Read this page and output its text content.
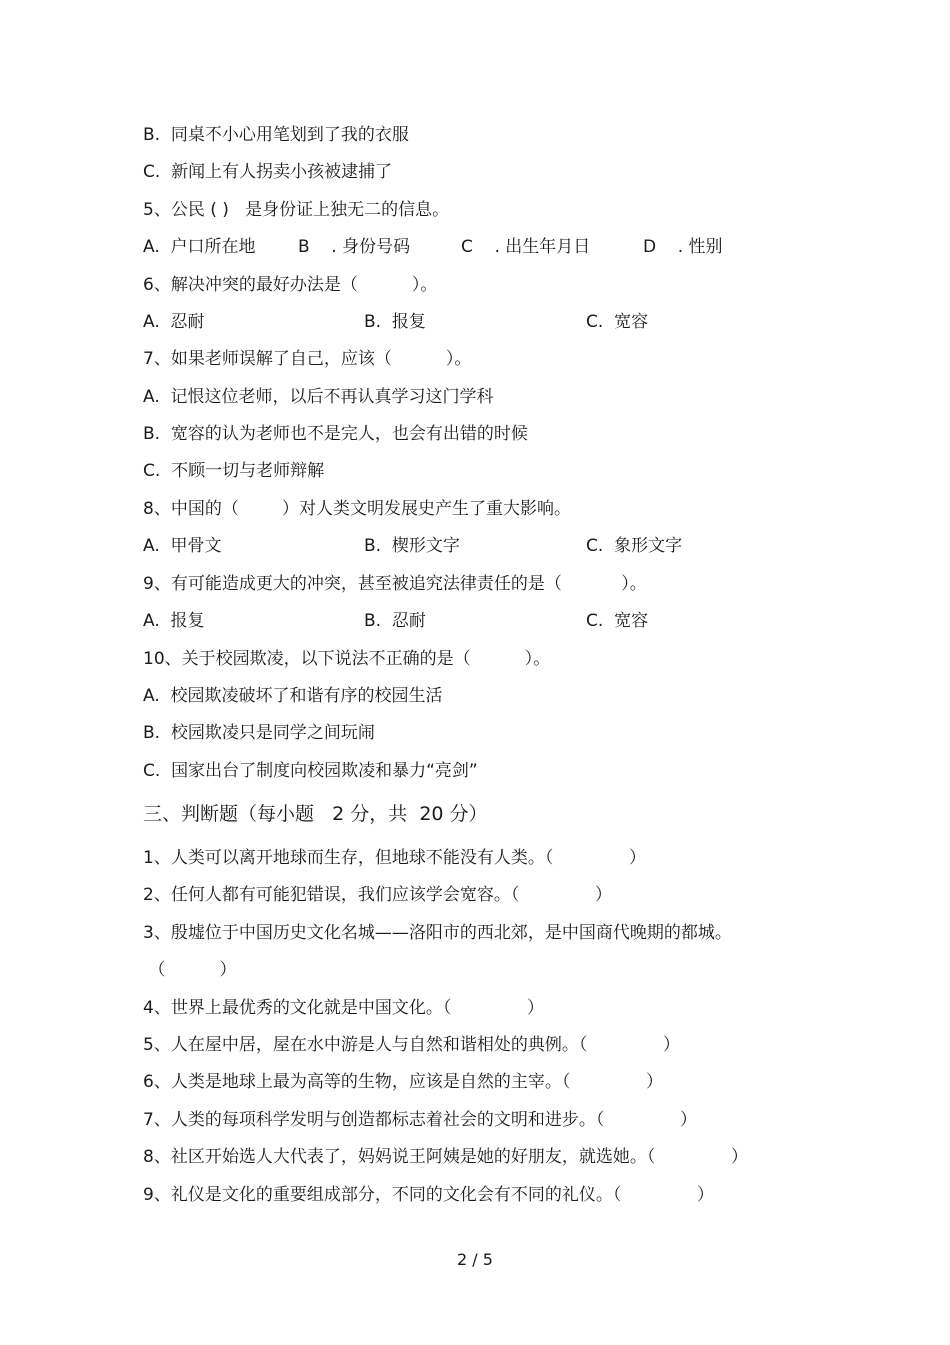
B.  同桌不小心用笔划到了我的衣服
C.  新闻上有人拐卖小孩被逮捕了
5、公民 ( )   是身份证上独无二的信息。

A.  户口所在地

B    . 身份号码

	C    . 出生年月日

	D    . 性别

6、解决冲突的最好办法是（          ）。

A.  忍耐

	B.  报复

	C.  宽容

7、如果老师误解了自己，应该（          ）。
A.  记恨这位老师，以后不再认真学习这门学科
B.  宽容的认为老师也不是完人，也会有出错的时候
C.  不顾一切与老师辩解
8、中国的（        ）对人类文明发展史产生了重大影响。

A.  甲骨文

	B.  楔形文字

	C.  象形文字

9、有可能造成更大的冲突，甚至被追究法律责任的是（           ）。

A.  报复

	B.  忍耐

	C.  宽容

10、关于校园欺凌，以下说法不正确的是（          ）。
A.  校园欺凌破坏了和谐有序的校园生活
B.  校园欺凌只是同学之间玩闹
C.  国家出台了制度向校园欺凌和暴力“亮剑”
三、判断题（每小题   2 分，共  20 分）
1、人类可以离开地球而生存，但地球不能没有人类。（              ）
2、任何人都有可能犯错误，我们应该学会宽容。（              ）
3、殷墟位于中国历史文化名城——洛阳市的西北郊，是中国商代晚期的都城。
（          ）
4、世界上最优秀的文化就是中国文化。（              ）
5、人在屋中居，屋在水中游是人与自然和谐相处的典例。（              ）
6、人类是地球上最为高等的生物，应该是自然的主宰。（              ）
7、人类的每项科学发明与创造都标志着社会的文明和进步。（              ）
8、社区开始选人大代表了，妈妈说王阿姨是她的好朋友，就选她。（              ）
9、礼仪是文化的重要组成部分，不同的文化会有不同的礼仪。（              ）
2 / 5
